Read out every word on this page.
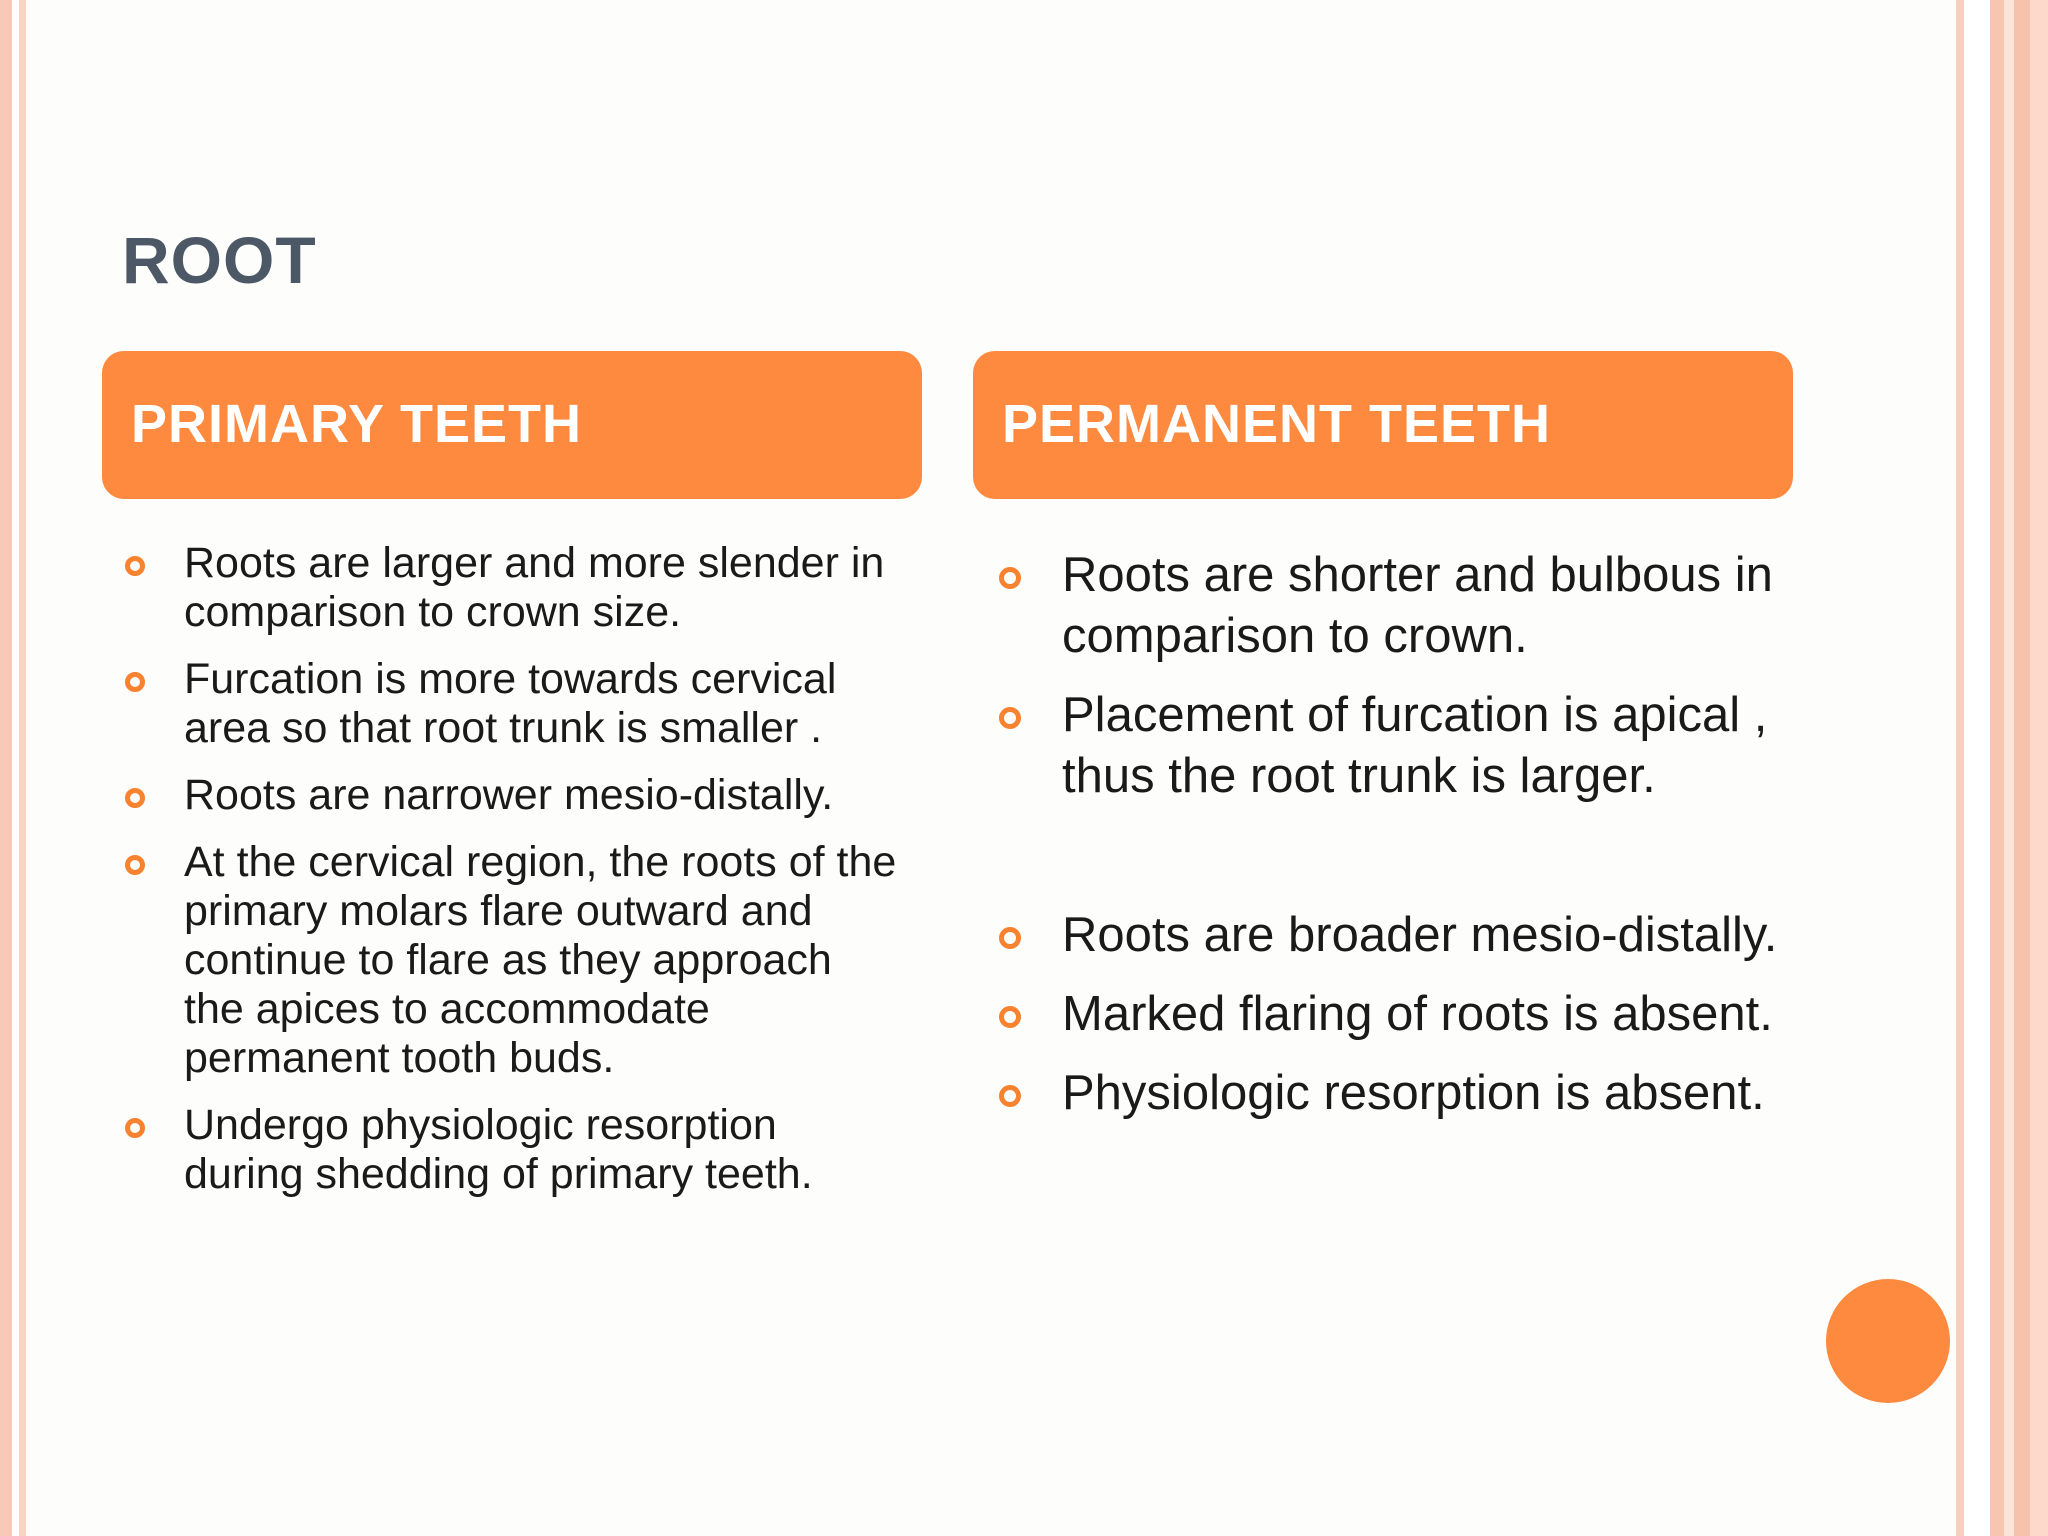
ROOT
PRIMARY TEETH	PERMANENT TEETH
Roots are larger and more slender in comparison to crown size.
Furcation is more towards cervical area so that root trunk is smaller .
Roots are narrower mesio-distally.
At the cervical region, the roots of the primary molars flare outward and continue to flare as they approach the apices to accommodate permanent tooth buds.
Undergo physiologic resorption during shedding of primary teeth.
Roots are shorter and bulbous in comparison to crown.
Placement of furcation is apical , thus the root trunk is larger.
Roots are broader mesio-distally.
Marked flaring of roots is absent.
Physiologic resorption is absent.
